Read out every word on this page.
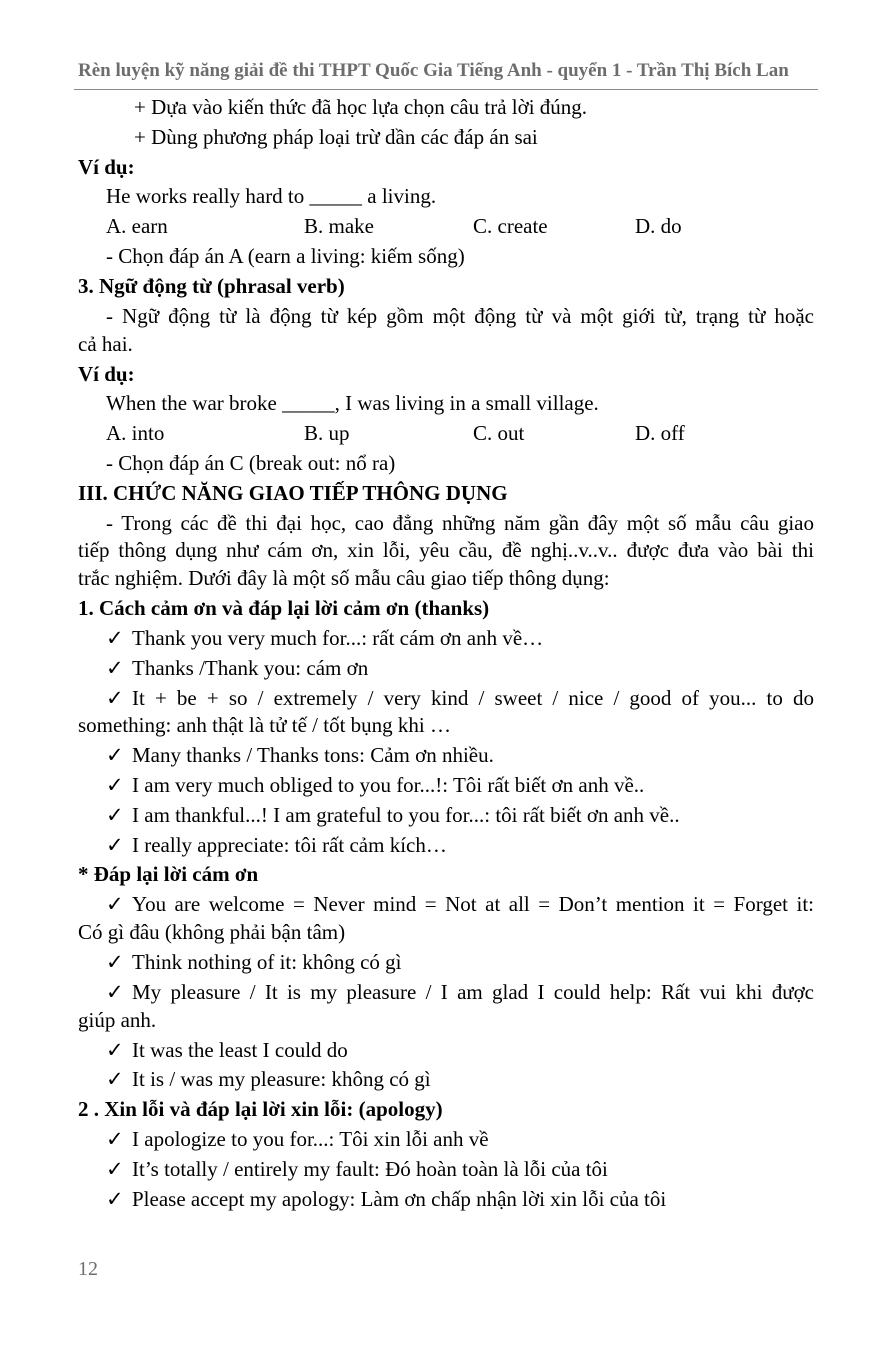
Rèn luyện kỹ năng giải đề thi THPT Quốc Gia Tiếng Anh - quyển 1 - Trần Thị Bích Lan
+ Dựa vào kiến thức đã học lựa chọn câu trả lời đúng.
+ Dùng phương pháp loại trừ dần các đáp án sai
Ví dụ:
He works really hard to _____ a living.
A. earn	B. make	C. create	D. do
- Chọn đáp án A (earn a living: kiếm sống)
3. Ngữ động từ (phrasal verb)
- Ngữ động từ là động từ kép gồm một động từ và một giới từ, trạng từ hoặc
cả hai.
Ví dụ:
When the war broke _____, I was living in a small village.
A. into	B. up	C. out	D. off
- Chọn đáp án C (break out: nổ ra)
III. CHỨC NĂNG GIAO TIẾP THÔNG DỤNG
- Trong các đề thi đại học, cao đẳng những năm gần đây một số mẫu câu giao
tiếp thông dụng như cám ơn, xin lỗi, yêu cầu, đề nghị..v..v.. được đưa vào bài thi
trắc nghiệm. Dưới đây là một số mẫu câu giao tiếp thông dụng:
1. Cách cảm ơn và đáp lại lời cảm ơn (thanks)
✓ Thank you very much for...: rất cám ơn anh về…
✓ Thanks /Thank you: cám ơn
✓ It + be + so / extremely / very kind / sweet / nice / good of you... to do
something: anh thật là tử tế / tốt bụng khi …
✓ Many thanks / Thanks tons: Cảm ơn nhiều.
✓ I am very much obliged to you for...!: Tôi rất biết ơn anh về..
✓ I am thankful...! I am grateful to you for...: tôi rất biết ơn anh về..
✓ I really appreciate: tôi rất cảm kích…
* Đáp lại lời cám ơn
✓ You are welcome = Never mind = Not at all = Don’t mention it = Forget it:
Có gì đâu (không phải bận tâm)
✓ Think nothing of it: không có gì
✓ My pleasure / It is my pleasure / I am glad I could help: Rất vui khi được
giúp anh.
✓ It was the least I could do
✓ It is / was my pleasure: không có gì
2 . Xin lỗi và đáp lại lời xin lỗi: (apology)
✓ I apologize to you for...: Tôi xin lỗi anh về
✓ It’s totally / entirely my fault: Đó hoàn toàn là lỗi của tôi
✓ Please accept my apology: Làm ơn chấp nhận lời xin lỗi của tôi
12
